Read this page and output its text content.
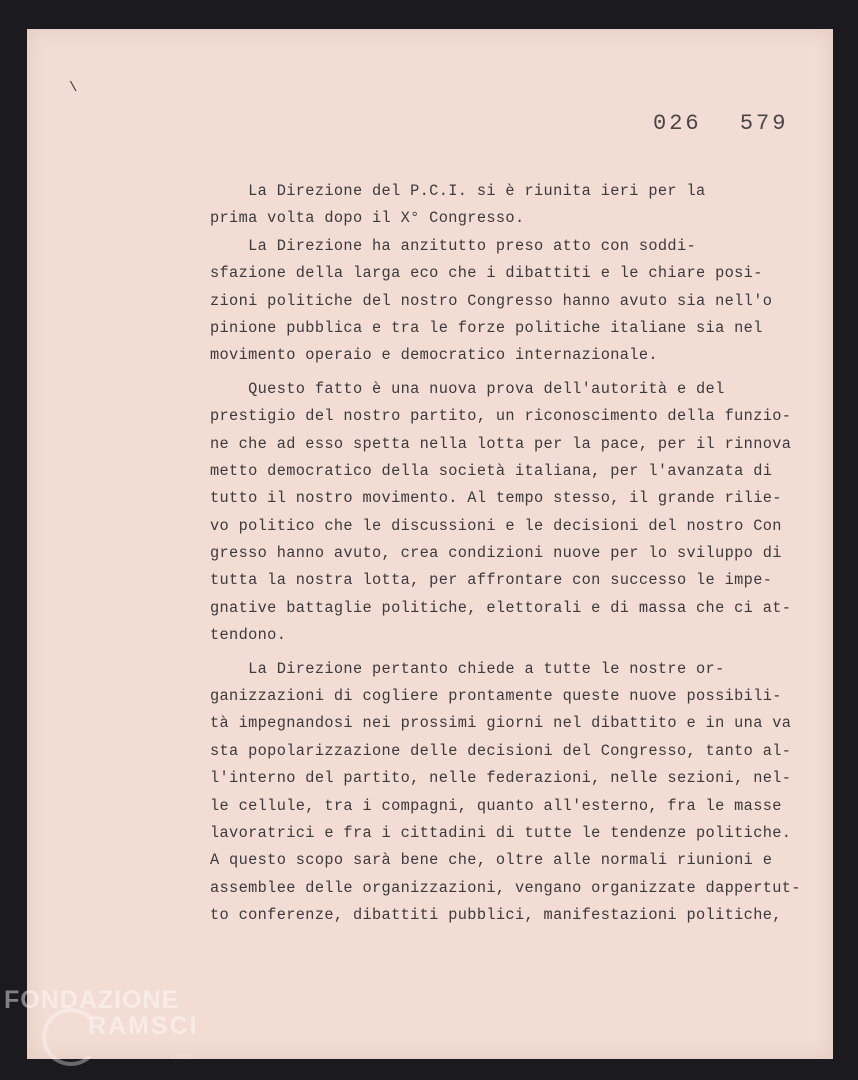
\
026 579
La Direzione del P.C.I. si è riunita ieri per la
prima volta dopo il X° Congresso.
La Direzione ha anzitutto preso atto con soddi-
sfazione della larga eco che i dibattiti e le chiare posi-
zioni politiche del nostro Congresso hanno avuto sia nell'o
pinione pubblica e tra le forze politiche italiane sia nel
movimento operaio e democratico internazionale.
Questo fatto è una nuova prova dell'autorità e del
prestigio del nostro partito, un riconoscimento della funzio-
ne che ad esso spetta nella lotta per la pace, per il rinnova
metto democratico della società italiana, per l'avanzata di
tutto il nostro movimento. Al tempo stesso, il grande rilie-
vo politico che le discussioni e le decisioni del nostro Con
gresso hanno avuto, crea condizioni nuove per lo sviluppo di
tutta la nostra lotta, per affrontare con successo le impe-
gnative battaglie politiche, elettorali e di massa che ci at-
tendono.
La Direzione pertanto chiede a tutte le nostre or-
ganizzazioni di cogliere prontamente queste nuove possibili-
tà impegnandosi nei prossimi giorni nel dibattito e in una va
sta popolarizzazione delle decisioni del Congresso, tanto al-
l'interno del partito, nelle federazioni, nelle sezioni, nel-
le cellule, tra i compagni, quanto all'esterno, fra le masse
lavoratrici e fra i cittadini di tutte le tendenze politiche.
A questo scopo sarà bene che, oltre alle normali riunioni e
assemblee delle organizzazioni, vengano organizzate dappertut-
to conferenze, dibattiti pubblici, manifestazioni politiche,
FONDAZIONE
RAMSCI
Onlus
